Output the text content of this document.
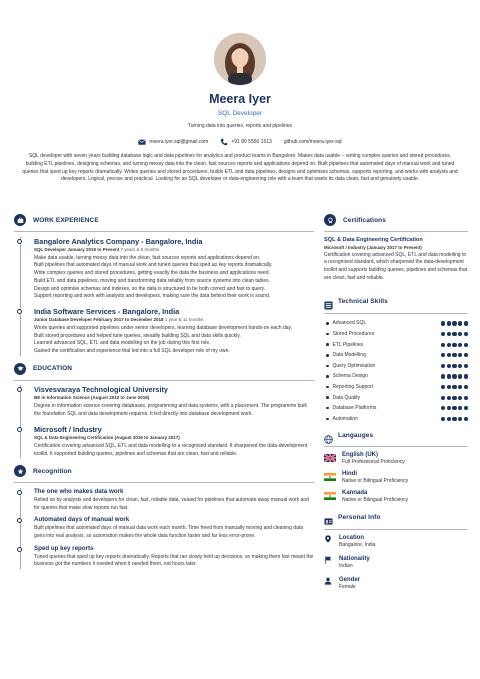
Meera Iyer
SQL Developer
Turning data into queries, reports and pipelines
meera.iyer.sql@gmail.com	+91 80 5550 1513 github.com/meera-iyer-sql
SQL developer with seven years building database logic and data pipelines for analytics and product teams in Bangalore. Makes data usable -- writing complex queries and stored procedures, building ETL pipelines, designing schemas, and turning messy data into the clean, fast sources reports and applications depend on. Built pipelines that automated days of manual work and tuned queries that sped up key reports dramatically. Writes queries and stored procedures, builds ETL and data pipelines, designs and optimises schemas, supports reporting, and works with analysts and developers. Logical, precise and practical. Looking for an SQL developer or data-engineering role with a team that wants its data clean, fast and genuinely usable.
WORK EXPERIENCE
Bangalore Analytics Company - Bangalore, India
SQL Developer January 2019 to Present 7 years & 5 months

Make data usable, turning messy data into the clean, fast sources reports and applications depend on.

Built pipelines that automated days of manual work and tuned queries that sped up key reports dramatically.

Write complex queries and stored procedures, getting exactly the data the business and applications need.

Build ETL and data pipelines, moving and transforming data reliably from source systems into clean tables.

Design and optimise schemas and indexes, so the data is structured to be both correct and fast to query.

Support reporting and work with analysts and developers, making sure the data behind their work is sound.

India Software Services - Bangalore, India
Junior Database Developer February 2017 to December 2018 1 year & 11 months

Wrote queries and supported pipelines under senior developers, learning database development hands-on each day.

Built stored procedures and helped tune queries, steadily building SQL and data skills quickly.

Learned advanced SQL, ETL and data modelling on the job during this first role.

Gained the certification and experience that led into a full SQL developer role of my own.

EDUCATION
Visvesvaraya Technological University
BE in Information Science (August 2012 to June 2016)
Degree in information science covering databases, programming and data systems, with a placement. The programme built the foundation SQL and data development requires. It led directly into database development work.
Microsoft / Industry
SQL & Data Engineering Certification (August 2016 to January 2017)
Certification covering advanced SQL, ETL and data modelling to a recognised standard. It sharpened the data-development toolkit. It supported building queries, pipelines and schemas that are clean, fast and reliable.
Recognition
The one who makes data work
Relied on by analysts and developers for clean, fast, reliable data, valued for pipelines that automate away manual work and for queries that make slow reports run fast.
Automated days of manual work
Built pipelines that automated days of manual data work each month. Time freed from manually moving and cleaning data goes into real analysis, so automation makes the whole data function faster and far less error-prone.
Sped up key reports
Tuned queries that sped up key reports dramatically. Reports that ran slowly held up decisions, so making them fast meant the business got the numbers it needed when it needed them, not hours later.
Certifications
SQL & Data Engineering Certification
Microsoft / Industry (January 2017 to Present)
Certification covering advanced SQL, ETL and data modelling to a recognised standard, which sharpened the data-development toolkit and supports building queries, pipelines and schemas that are clean, fast and reliable.
Technical Skills
Advanced SQL
Stored Procedures
ETL Pipelines
Data Modelling
Query Optimisation
Schema Design
Reporting Support
Data Quality
Database Platforms
Automation
Langauges
English (UK)
Full Professional Proficiency
Hindi
Native or Bilingual Proficiency
Kannada
Native or Bilingual Proficiency
Personal Info
Location
Bangalore, India
Nationality
Indian
Gender
Female
